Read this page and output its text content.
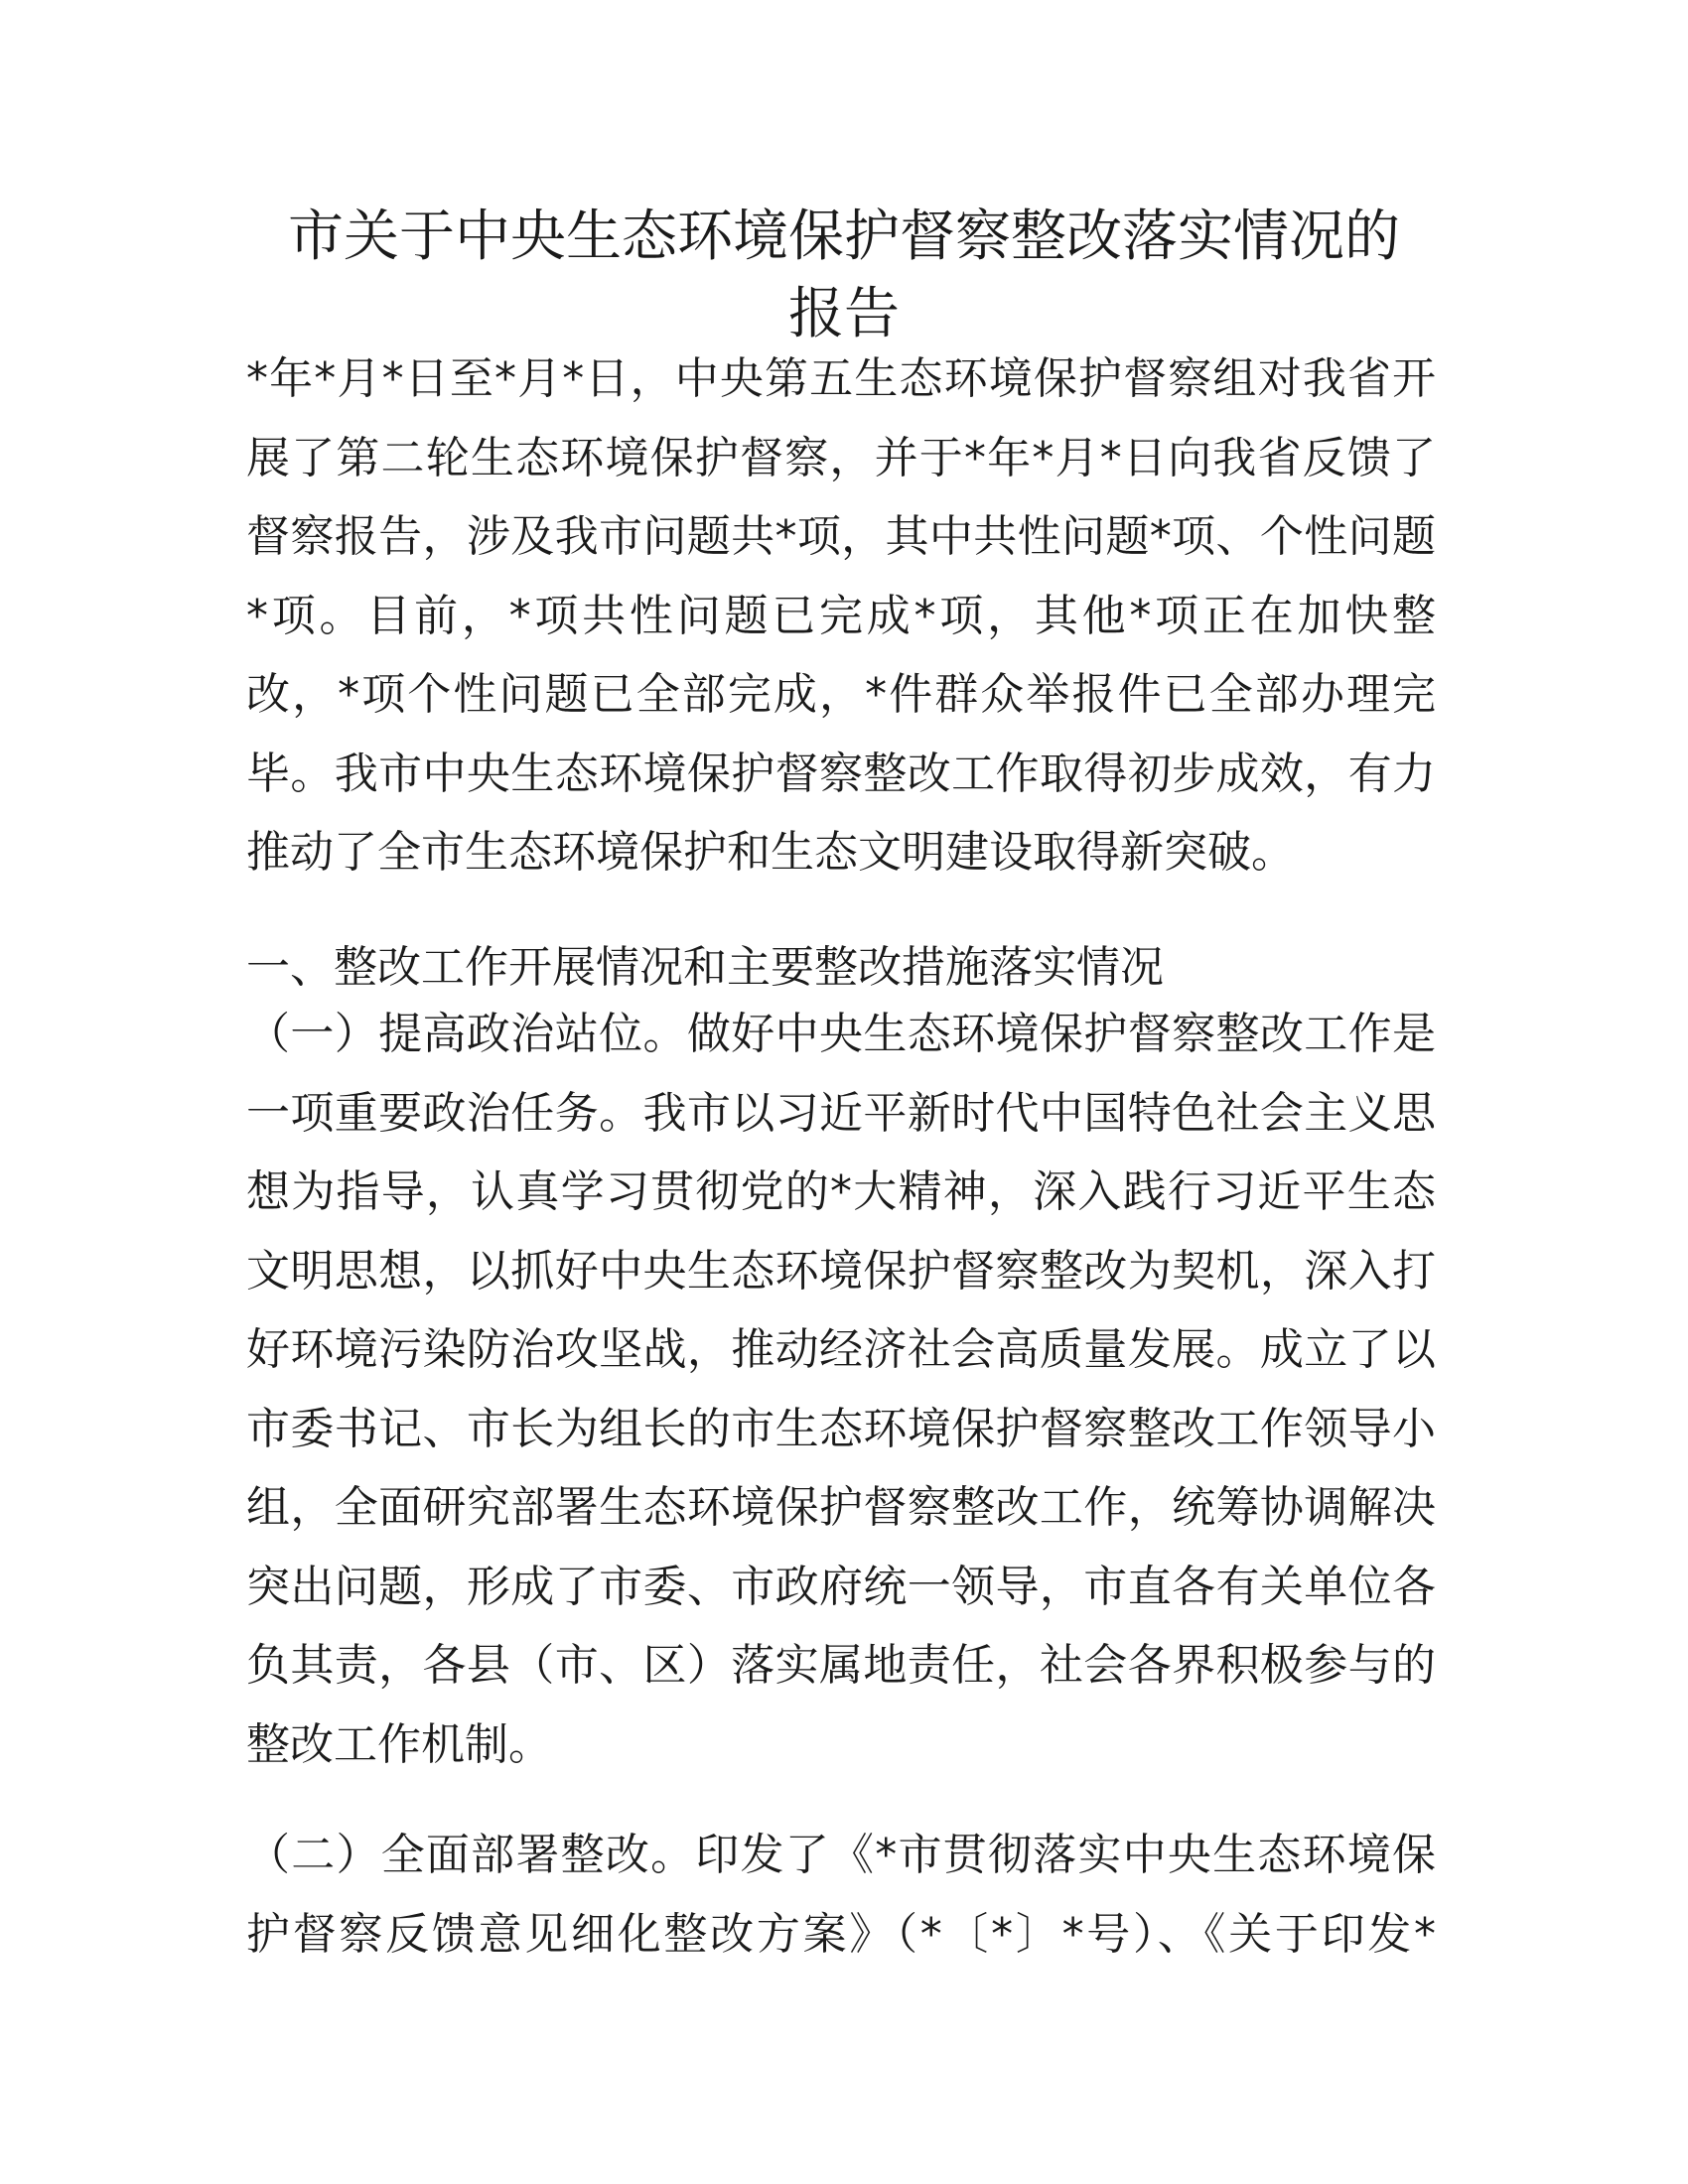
市关于中央生态环境保护督察整改落实情况的
报告
*年*月*日至*月*日，中央第五生态环境保护督察组对我省开
展了第二轮生态环境保护督察，并于*年*月*日向我省反馈了
督察报告，涉及我市问题共*项，其中共性问题*项、个性问题
*项。目前，*项共性问题已完成*项，其他*项正在加快整
改，*项个性问题已全部完成，*件群众举报件已全部办理完
毕。我市中央生态环境保护督察整改工作取得初步成效，有力
推动了全市生态环境保护和生态文明建设取得新突破。
一、整改工作开展情况和主要整改措施落实情况
（一）提高政治站位。做好中央生态环境保护督察整改工作是
一项重要政治任务。我市以习近平新时代中国特色社会主义思
想为指导，认真学习贯彻党的*大精神，深入践行习近平生态
文明思想，以抓好中央生态环境保护督察整改为契机，深入打
好环境污染防治攻坚战，推动经济社会高质量发展。成立了以
市委书记、市长为组长的市生态环境保护督察整改工作领导小
组，全面研究部署生态环境保护督察整改工作，统筹协调解决
突出问题，形成了市委、市政府统一领导，市直各有关单位各
负其责，各县（市、区）落实属地责任，社会各界积极参与的
整改工作机制。
（二）全面部署整改。印发了《*市贯彻落实中央生态环境保
护督察反馈意见细化整改方案》（*〔*〕*号）、《关于印发*
